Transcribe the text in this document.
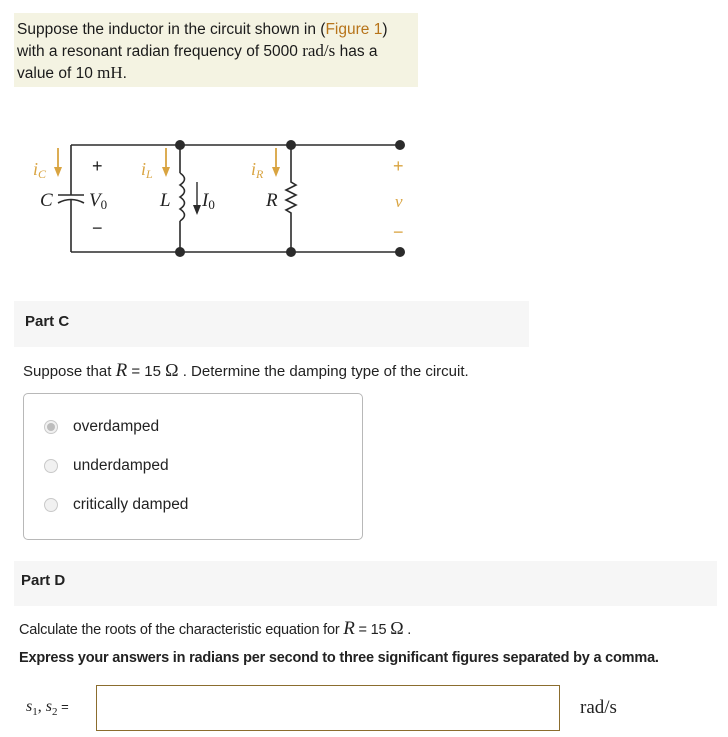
Suppose the inductor in the circuit shown in (Figure 1)
with a resonant radian frequency of 5000 rad/s has a
value of 10 mH.
iC	iL	iR
C V0	L I0	R	v
+
−
+
−
Part C
Suppose that R = 15 Ω . Determine the damping type of the circuit.
overdamped
underdamped
critically damped
Part D
Calculate the roots of the characteristic equation for R = 15 Ω .
Express your answers in radians per second to three significant figures separated by a comma.
$s_1$, $s_2$ =	rad/s
